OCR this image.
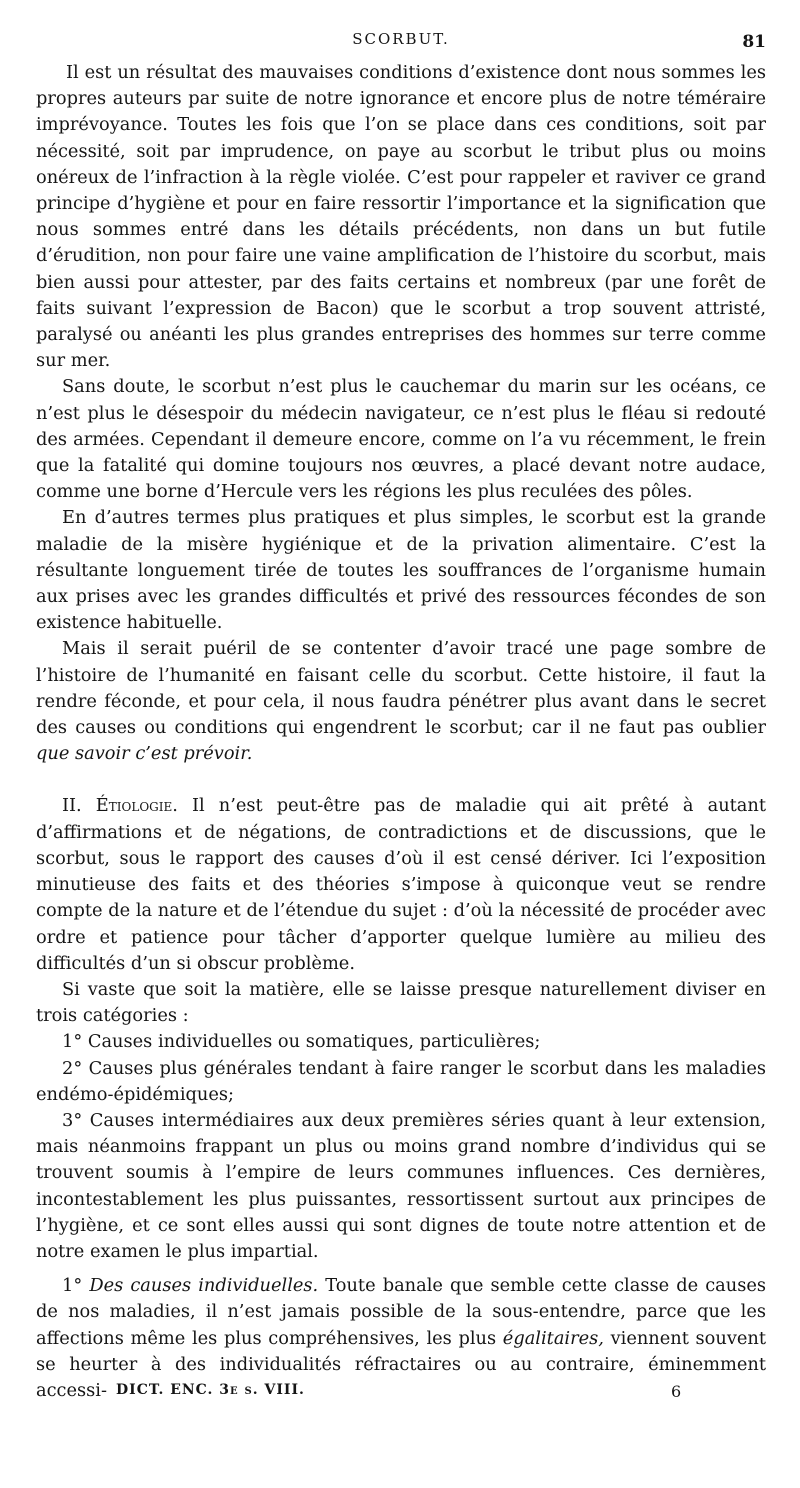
SCORBUT.	81

Il est un résultat des mauvaises conditions d’existence dont nous sommes les propres auteurs par suite de notre ignorance et encore plus de notre téméraire imprévoyance. Toutes les fois que l’on se place dans ces conditions, soit par nécessité, soit par imprudence, on paye au scorbut le tribut plus ou moins onéreux de l’infraction à la règle violée. C’est pour rappeler et raviver ce grand principe d’hygiène et pour en faire ressortir l’importance et la signification que nous sommes entré dans les détails précédents, non dans un but futile d’érudition, non pour faire une vaine amplification de l’histoire du scorbut, mais bien aussi pour attester, par des faits certains et nombreux (par une forêt de faits suivant l’expression de Bacon) que le scorbut a trop souvent attristé, paralysé ou anéanti les plus grandes entreprises des hommes sur terre comme sur mer.

Sans doute, le scorbut n’est plus le cauchemar du marin sur les océans, ce n’est plus le désespoir du médecin navigateur, ce n’est plus le fléau si redouté des armées. Cependant il demeure encore, comme on l’a vu récemment, le frein que la fatalité qui domine toujours nos œuvres, a placé devant notre audace, comme une borne d’Hercule vers les régions les plus reculées des pôles.

En d’autres termes plus pratiques et plus simples, le scorbut est la grande maladie de la misère hygiénique et de la privation alimentaire. C’est la résultante longuement tirée de toutes les souffrances de l’organisme humain aux prises avec les grandes difficultés et privé des ressources fécondes de son existence habituelle.

Mais il serait puéril de se contenter d’avoir tracé une page sombre de l’histoire de l’humanité en faisant celle du scorbut. Cette histoire, il faut la rendre féconde, et pour cela, il nous faudra pénétrer plus avant dans le secret des causes ou conditions qui engendrent le scorbut; car il ne faut pas oublier que savoir c’est prévoir.

II. Étiologie. Il n’est peut-être pas de maladie qui ait prêté à autant d’affirmations et de négations, de contradictions et de discussions, que le scorbut, sous le rapport des causes d’où il est censé dériver. Ici l’exposition minutieuse des faits et des théories s’impose à quiconque veut se rendre compte de la nature et de l’étendue du sujet : d’où la nécessité de procéder avec ordre et patience pour tâcher d’apporter quelque lumière au milieu des difficultés d’un si obscur problème.

Si vaste que soit la matière, elle se laisse presque naturellement diviser en trois catégories :

1° Causes individuelles ou somatiques, particulières;

2° Causes plus générales tendant à faire ranger le scorbut dans les maladies endémo-épidémiques;

3° Causes intermédiaires aux deux premières séries quant à leur extension, mais néanmoins frappant un plus ou moins grand nombre d’individus qui se trouvent soumis à l’empire de leurs communes influences. Ces dernières, incontestablement les plus puissantes, ressortissent surtout aux principes de l’hygiène, et ce sont elles aussi qui sont dignes de toute notre attention et de notre examen le plus impartial.

1° Des causes individuelles. Toute banale que semble cette classe de causes de nos maladies, il n’est jamais possible de la sous-entendre, parce que les affections même les plus compréhensives, les plus égalitaires, viennent souvent se heurter à des individualités réfractaires ou au contraire, éminemment accessi- DICT. ENC. 3e s. VIII.	6
